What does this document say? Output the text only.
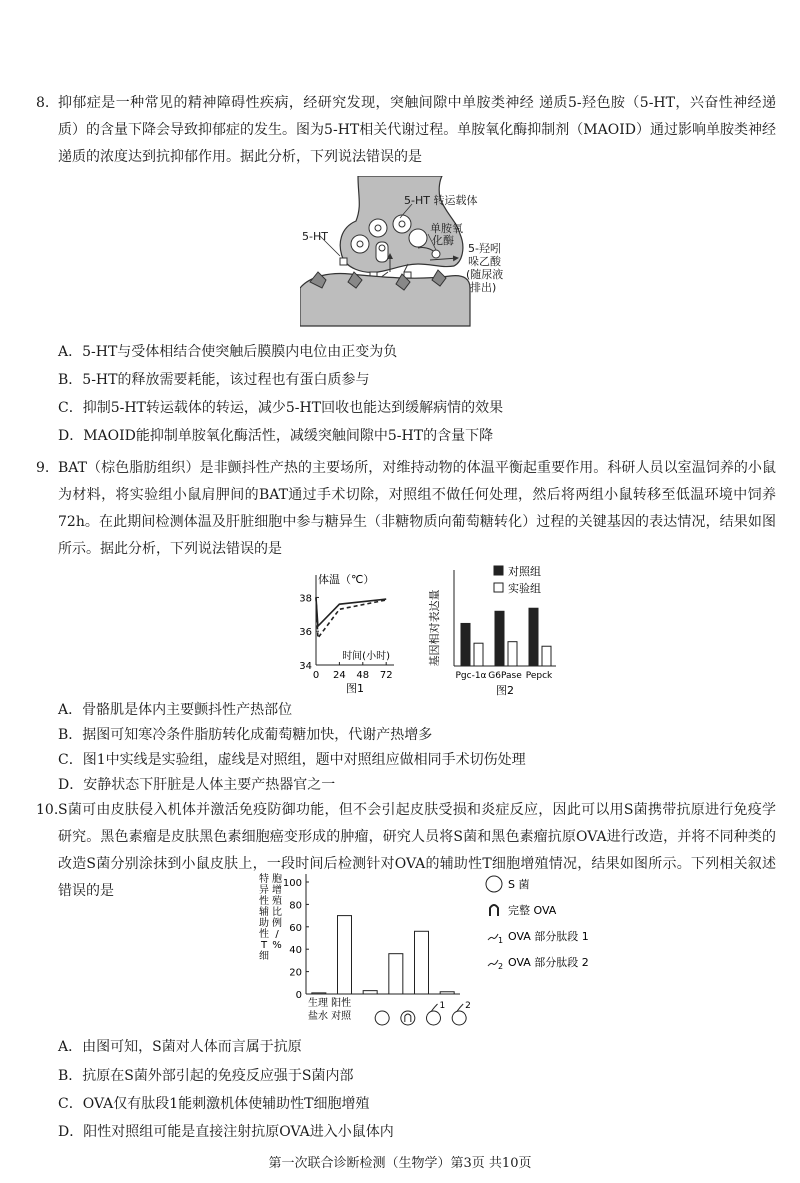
8. 抑郁症是一种常见的精神障碍性疾病，经研究发现，突触间隙中单胺类神经 递质5-羟色胺（5-HT，兴奋性神经递质）的含量下降会导致抑郁症的发生。图为5-HT相关代谢过程。单胺氧化酶抑制剂（MAOID）通过影响单胺类神经递质的浓度达到抗抑郁作用。据此分析，下列说法错误的是
5-HT 转运载体
单胺氧
化酶
5-HT
5-羟吲
哚乙酸
(随尿液
排出)
A．5-HT与受体相结合使突触后膜膜内电位由正变为负
B．5-HT的释放需要耗能，该过程也有蛋白质参与
C．抑制5-HT转运载体的转运，减少5-HT回收也能达到缓解病情的效果
D．MAOID能抑制单胺氧化酶活性，减缓突触间隙中5-HT的含量下降
9. BAT（棕色脂肪组织）是非颤抖性产热的主要场所，对维持动物的体温平衡起重要作用。科研人员以室温饲养的小鼠为材料，将实验组小鼠肩胛间的BAT通过手术切除，对照组不做任何处理，然后将两组小鼠转移至低温环境中饲养72h。在此期间检测体温及肝脏细胞中参与糖异生（非糖物质向葡萄糖转化）过程的关键基因的表达情况，结果如图所示。据此分析，下列说法错误的是
体温（℃）
34
36
38
0 24 48 72
时间(小时)
图1
基因相对表达量
Pgc-1α G6Pase Pepck
对照组
实验组
图2
A．骨骼肌是体内主要颤抖性产热部位
B．据图可知寒冷条件脂肪转化成葡萄糖加快，代谢产热增多
C．图1中实线是实验组，虚线是对照组，题中对照组应做相同手术切伤处理
D．安静状态下肝脏是人体主要产热器官之一
10. S菌可由皮肤侵入机体并激活免疫防御功能，但不会引起皮肤受损和炎症反应，因此可以用S菌携带抗原进行免疫学研究。黑色素瘤是皮肤黑色素细胞癌变形成的肿瘤，研究人员将S菌和黑色素瘤抗原OVA进行改造，并将不同种类的改造S菌分别涂抹到小鼠皮肤上，一段时间后检测针对OVA的辅助性T细胞增殖情况，结果如图所示。下列相关叙述错误的是
0
20
40
60
80
100
特
异
性
辅
助
性
T
细
胞
增
殖
比
例
/
%
生理 阳性
盐水 对照
1 2
S 菌
完整 OVA
1 OVA 部分肽段 1
2 OVA 部分肽段 2
A．由图可知，S菌对人体而言属于抗原
B．抗原在S菌外部引起的免疫反应强于S菌内部
C．OVA仅有肽段1能刺激机体使辅助性T细胞增殖
D．阳性对照组可能是直接注射抗原OVA进入小鼠体内
第一次联合诊断检测（生物学）第3页 共10页
